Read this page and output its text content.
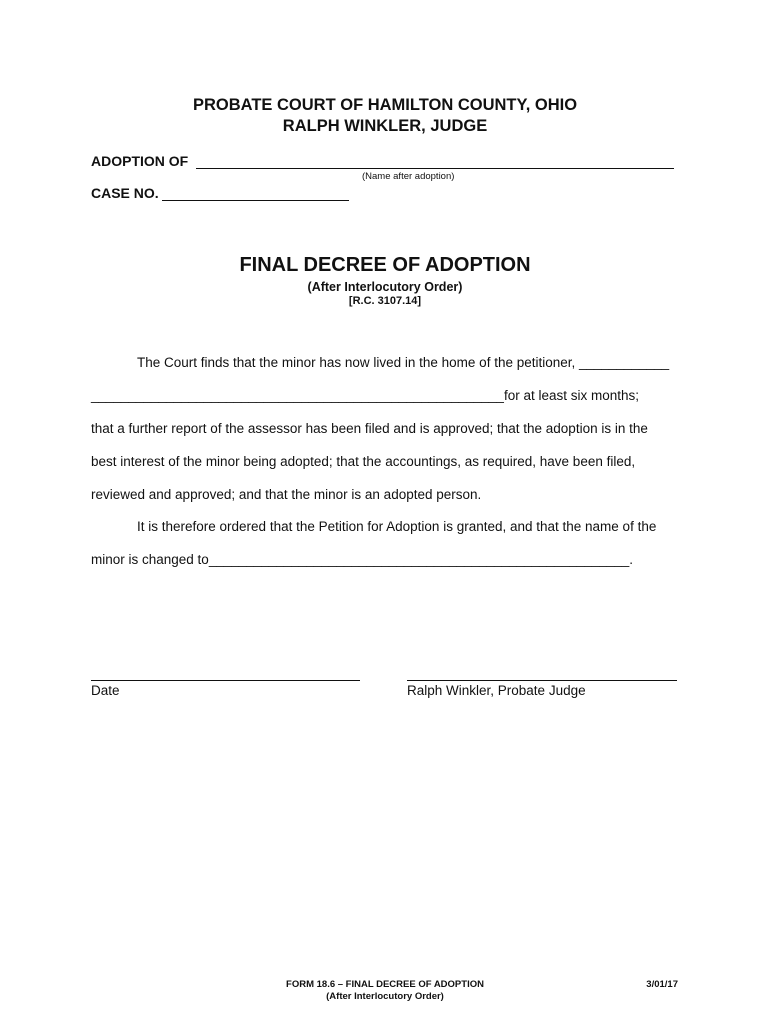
PROBATE COURT OF HAMILTON COUNTY, OHIO
RALPH WINKLER, JUDGE
ADOPTION OF
(Name after adoption)
CASE NO.
FINAL DECREE OF ADOPTION
(After Interlocutory Order)
[R.C. 3107.14]
The Court finds that the minor has now lived in the home of the petitioner, ____________
_______________________________________________________for at least six months;
that a further report of the assessor has been filed and is approved; that the adoption is in the
best interest of the minor being adopted; that the accountings, as required, have been filed,
reviewed and approved; and that the minor is an adopted person.
It is therefore ordered that the Petition for Adoption is granted, and that the name of the
minor is changed to________________________________________________________.
Date	Ralph Winkler, Probate Judge
FORM 18.6 – FINAL DECREE OF ADOPTION
(After Interlocutory Order)
3/01/17
